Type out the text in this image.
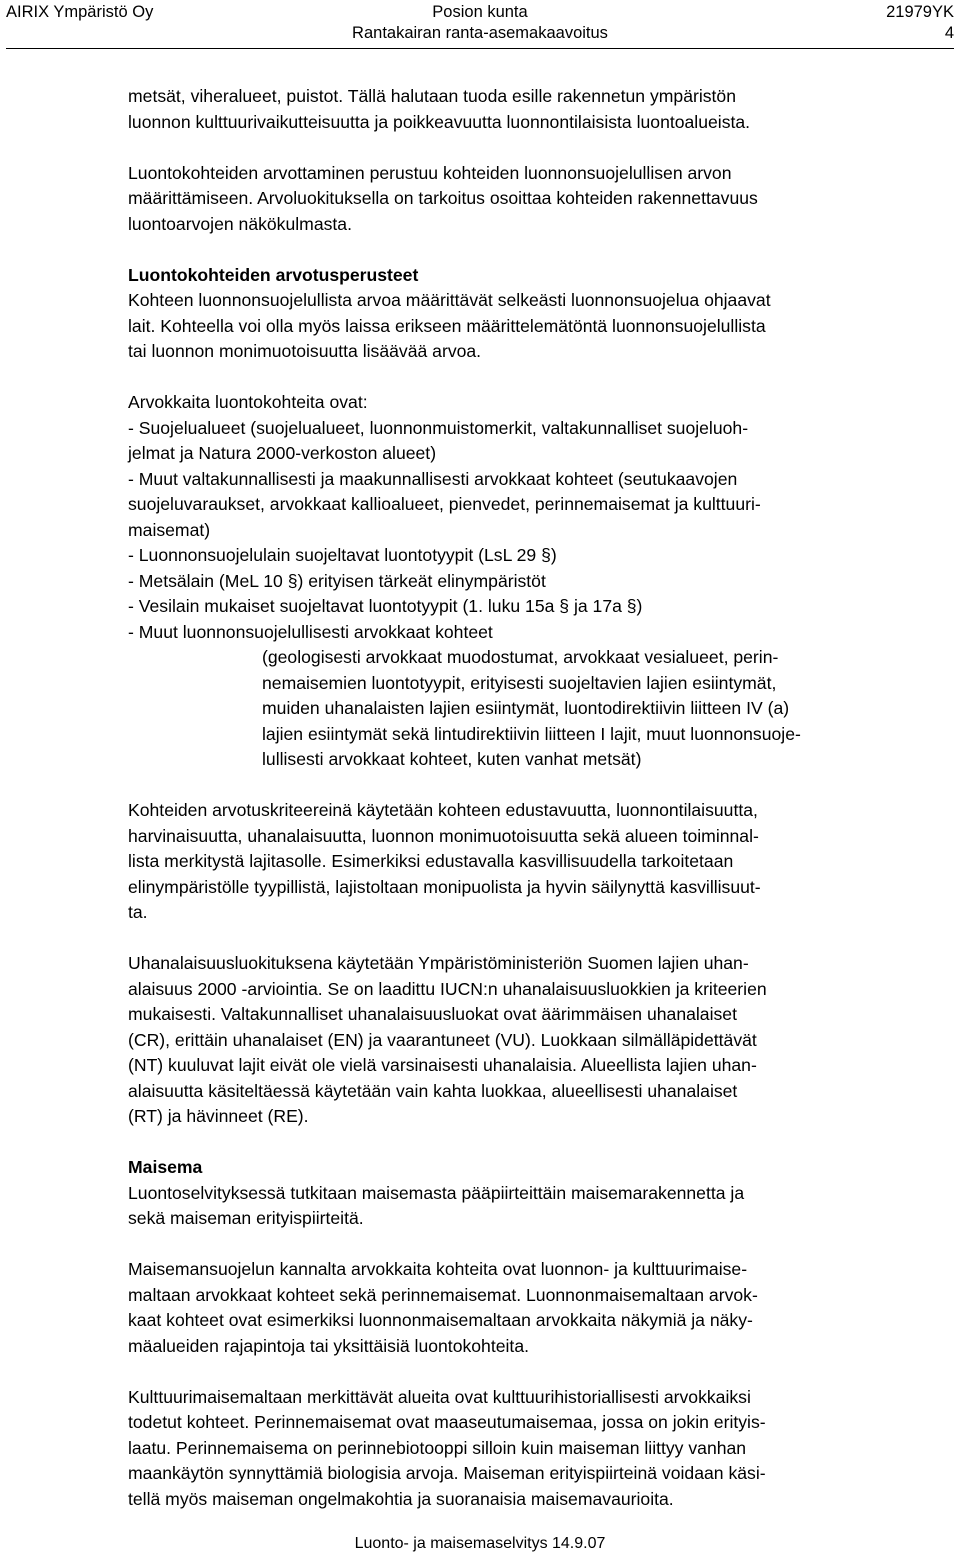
AIRIX Ympäristö Oy	Posion kunta
Rantakairan ranta-asemakaavoitus
21979YK
4

metsät, viheralueet, puistot. Tällä halutaan tuoda esille rakennetun ympäristön
luonnon kulttuurivaikutteisuutta ja poikkeavuutta luonnontilaisista luontoalueista.

Luontokohteiden arvottaminen perustuu kohteiden luonnonsuojelullisen arvon
määrittämiseen. Arvoluokituksella on tarkoitus osoittaa kohteiden rakennettavuus
luontoarvojen näkökulmasta.

Luontokohteiden arvotusperusteet

Kohteen luonnonsuojelullista arvoa määrittävät selkeästi luonnonsuojelua ohjaavat
lait. Kohteella voi olla myös laissa erikseen määrittelemätöntä luonnonsuojelullista
tai luonnon monimuotoisuutta lisäävää arvoa.

Arvokkaita luontokohteita ovat:
- Suojelualueet (suojelualueet, luonnonmuistomerkit, valtakunnalliset suojeluoh-
jelmat ja Natura 2000-verkoston alueet)
- Muut valtakunnallisesti ja maakunnallisesti arvokkaat kohteet (seutukaavojen
suojeluvaraukset, arvokkaat kallioalueet, pienvedet, perinnemaisemat ja kulttuuri-
maisemat)
- Luonnonsuojelulain suojeltavat luontotyypit (LsL 29 §)
- Metsälain (MeL 10 §) erityisen tärkeät elinympäristöt
- Vesilain mukaiset suojeltavat luontotyypit (1. luku 15a § ja 17a §)
- Muut luonnonsuojelullisesti arvokkaat kohteet

(geologisesti arvokkaat muodostumat, arvokkaat vesialueet, perin-
nemaisemien luontotyypit, erityisesti suojeltavien lajien esiintymät,
muiden uhanalaisten lajien esiintymät, luontodirektiivin liitteen IV (a)
lajien esiintymät sekä lintudirektiivin liitteen I lajit, muut luonnonsuoje-
lullisesti arvokkaat kohteet, kuten vanhat metsät)

Kohteiden arvotuskriteereinä käytetään kohteen edustavuutta, luonnontilaisuutta,
harvinaisuutta, uhanalaisuutta, luonnon monimuotoisuutta sekä alueen toiminnal-
lista merkitystä lajitasolle. Esimerkiksi edustavalla kasvillisuudella tarkoitetaan
elinympäristölle tyypillistä, lajistoltaan monipuolista ja hyvin säilynyttä kasvillisuut-
ta.

Uhanalaisuusluokituksena käytetään Ympäristöministeriön Suomen lajien uhan-
alaisuus 2000 -arviointia. Se on laadittu IUCN:n uhanalaisuusluokkien ja kriteerien
mukaisesti. Valtakunnalliset uhanalaisuusluokat ovat äärimmäisen uhanalaiset
(CR), erittäin uhanalaiset (EN) ja vaarantuneet (VU). Luokkaan silmälläpidettävät
(NT) kuuluvat lajit eivät ole vielä varsinaisesti uhanalaisia. Alueellista lajien uhan-
alaisuutta käsiteltäessä käytetään vain kahta luokkaa, alueellisesti uhanalaiset
(RT) ja hävinneet (RE).

Maisema

Luontoselvityksessä tutkitaan maisemasta pääpiirteittäin maisemarakennetta ja
sekä maiseman erityispiirteitä.

Maisemansuojelun kannalta arvokkaita kohteita ovat luonnon- ja kulttuurimaise-
maltaan arvokkaat kohteet sekä perinnemaisemat. Luonnonmaisemaltaan arvok-
kaat kohteet ovat esimerkiksi luonnonmaisemaltaan arvokkaita näkymiä ja näky-
mäalueiden rajapintoja tai yksittäisiä luontokohteita.

Kulttuurimaisemaltaan merkittävät alueita ovat kulttuurihistoriallisesti arvokkaiksi
todetut kohteet. Perinnemaisemat ovat maaseutumaisemaa, jossa on jokin erityis-
laatu. Perinnemaisema on perinnebiotooppi silloin kuin maiseman liittyy vanhan
maankäytön synnyttämiä biologisia arvoja. Maiseman erityispiirteinä voidaan käsi-
tellä myös maiseman ongelmakohtia ja suoranaisia maisemavaurioita.

Luonto- ja maisemaselvitys 14.9.07
